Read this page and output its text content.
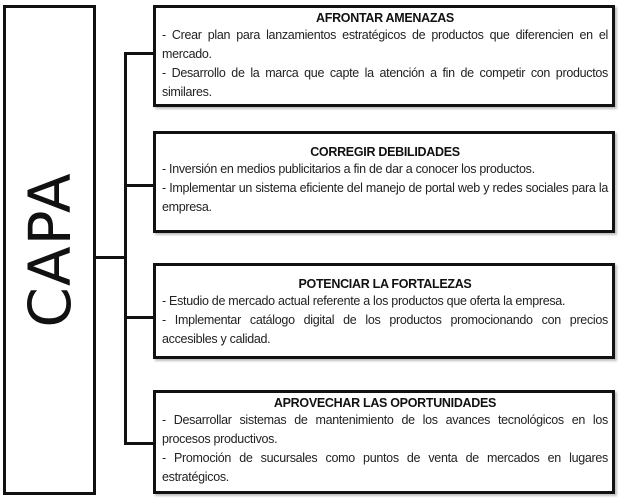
CAPA
AFRONTAR AMENAZAS
- Crear plan para lanzamientos estratégicos de productos que diferencien en el mercado.
- Desarrollo de la marca que capte la atención a fin de competir con productos similares.
CORREGIR DEBILIDADES
- Inversión en medios publicitarios a fin de dar a conocer los productos.
- Implementar un sistema eficiente del manejo de portal web y redes sociales para la empresa.
POTENCIAR LA FORTALEZAS
- Estudio de mercado actual referente a los productos que oferta la empresa.
- Implementar catálogo digital de los productos promocionando con precios accesibles y calidad.
APROVECHAR LAS OPORTUNIDADES
- Desarrollar sistemas de mantenimiento de los avances tecnológicos en los procesos productivos.
- Promoción de sucursales como puntos de venta de mercados en lugares estratégicos.
